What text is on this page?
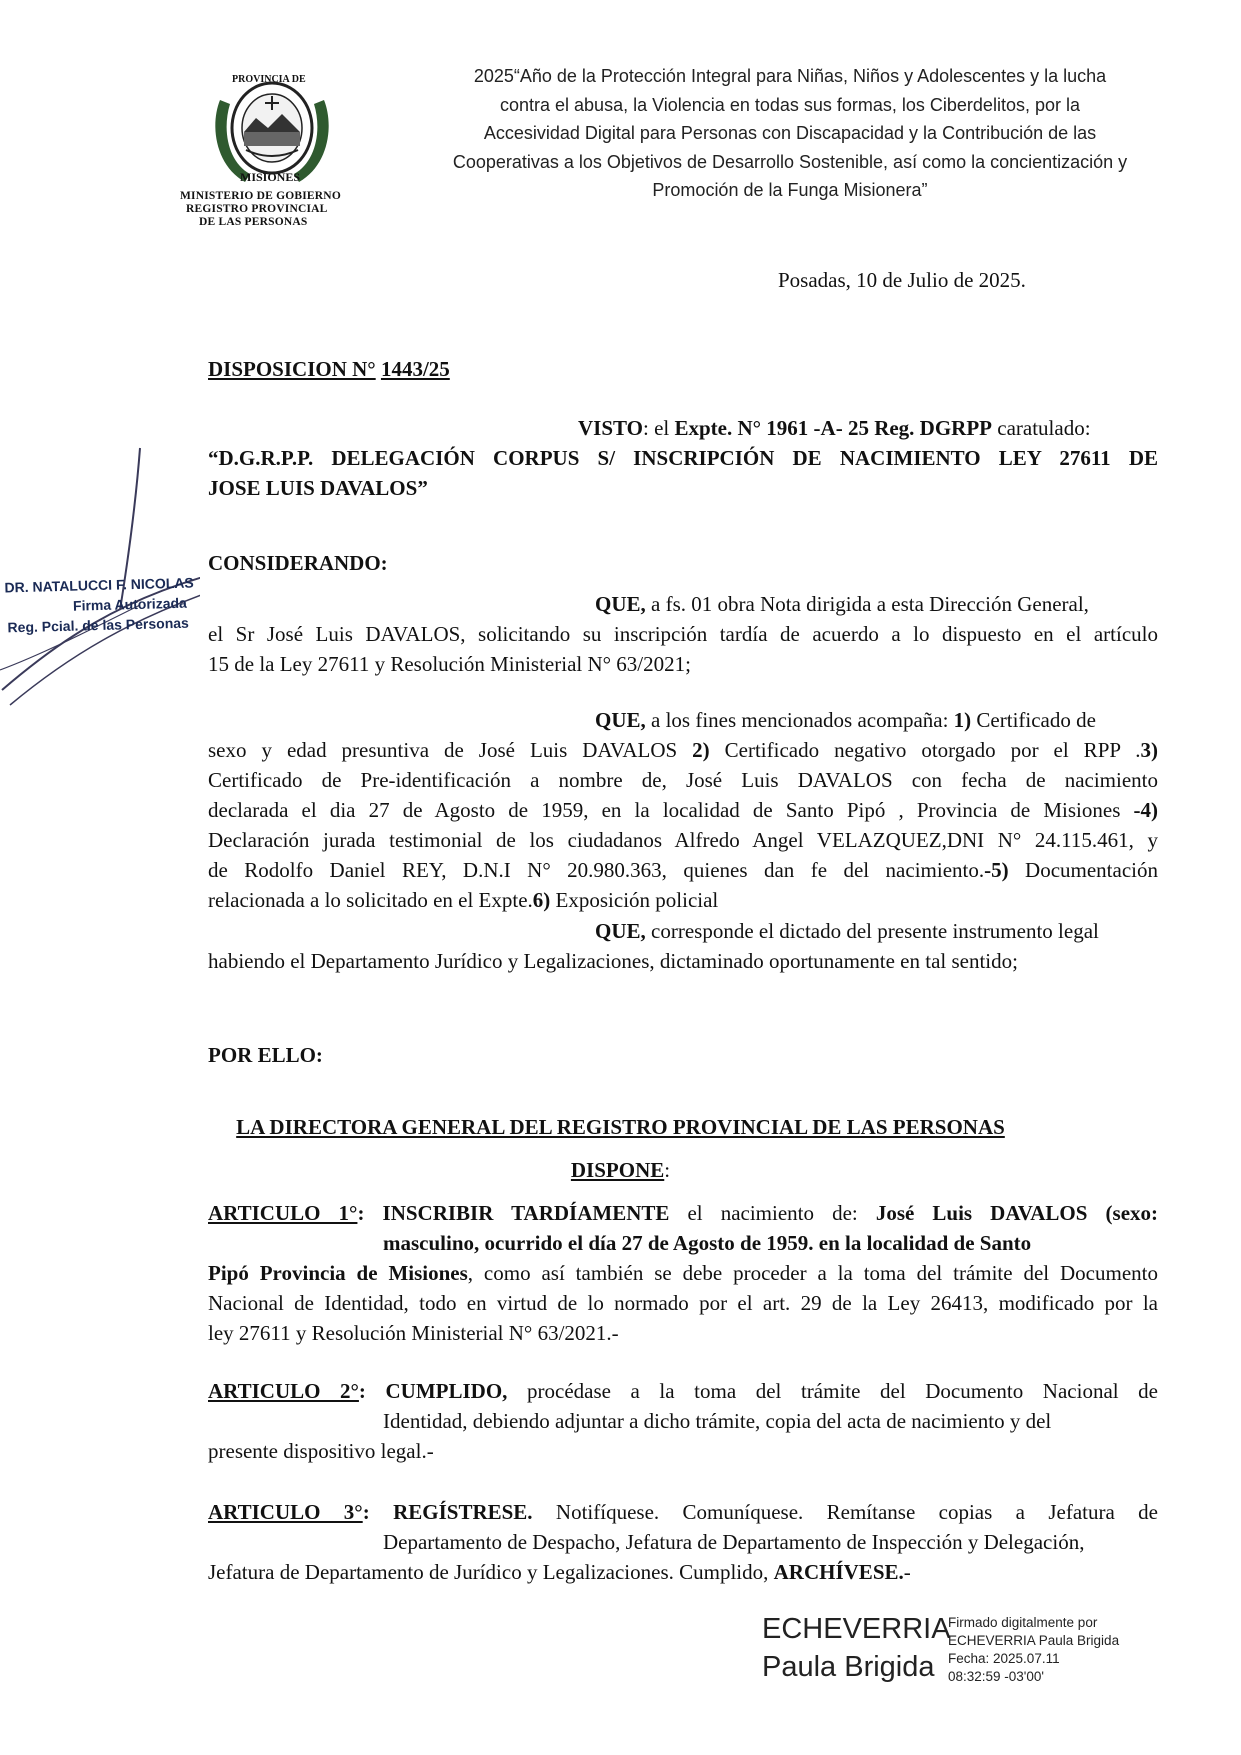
PROVINCIA DE
MISIONES
MINISTERIO DE GOBIERNO
REGISTRO PROVINCIAL
DE LAS PERSONAS
2025“Año de la Protección Integral para Niñas, Niños y Adolescentes y la lucha
contra el abusa, la Violencia en todas sus formas, los Ciberdelitos, por la
Accesividad Digital para Personas con Discapacidad y la Contribución de las
Cooperativas a los Objetivos de Desarrollo Sostenible, así como la concientización y
Promoción de la Funga Misionera”
Posadas, 10 de Julio de 2025.
DISPOSICION N° 1443/25
VISTO: el Expte. N° 1961 -A- 25 Reg. DGRPP caratulado:
“D.G.R.P.P. DELEGACIÓN CORPUS S/ INSCRIPCIÓN DE NACIMIENTO LEY 27611 DE
JOSE LUIS DAVALOS”
CONSIDERANDO:
QUE, a fs. 01 obra Nota dirigida a esta Dirección General,
el Sr José Luis DAVALOS, solicitando su inscripción tardía de acuerdo a lo dispuesto en el artículo
15 de la Ley 27611 y Resolución Ministerial N° 63/2021;
QUE, a los fines mencionados acompaña: 1) Certificado de
sexo y edad presuntiva de José Luis DAVALOS 2) Certificado negativo otorgado por el RPP .3)
Certificado de Pre-identificación a nombre de, José Luis DAVALOS con fecha de nacimiento
declarada el dia 27 de Agosto de 1959, en la localidad de Santo Pipó , Provincia de Misiones -4)
Declaración jurada testimonial de los ciudadanos Alfredo Angel VELAZQUEZ,DNI N° 24.115.461, y
de Rodolfo Daniel REY, D.N.I N° 20.980.363, quienes dan fe del nacimiento.-5) Documentación
relacionada a lo solicitado en el Expte.6) Exposición policial
QUE, corresponde el dictado del presente instrumento legal
habiendo el Departamento Jurídico y Legalizaciones, dictaminado oportunamente en tal sentido;
POR ELLO:
LA DIRECTORA GENERAL DEL REGISTRO PROVINCIAL DE LAS PERSONAS
DISPONE:
ARTICULO 1°: INSCRIBIR TARDÍAMENTE el nacimiento de: José Luis DAVALOS (sexo:
masculino, ocurrido el día 27 de Agosto de 1959. en la localidad de Santo
Pipó Provincia de Misiones, como así también se debe proceder a la toma del trámite del Documento
Nacional de Identidad, todo en virtud de lo normado por el art. 29 de la Ley 26413, modificado por la
ley 27611 y Resolución Ministerial N° 63/2021.-
ARTICULO 2°: CUMPLIDO, procédase a la toma del trámite del Documento Nacional de
Identidad, debiendo adjuntar a dicho trámite, copia del acta de nacimiento y del
presente dispositivo legal.-
ARTICULO 3°: REGÍSTRESE. Notifíquese. Comuníquese. Remítanse copias a Jefatura de
Departamento de Despacho, Jefatura de Departamento de Inspección y Delegación,
Jefatura de Departamento de Jurídico y Legalizaciones. Cumplido, ARCHÍVESE.-
DR. NATALUCCI F. NICOLAS
Firma Autorizada
Reg. Pcial. de las Personas
ECHEVERRIA
Paula Brigida
Firmado digitalmente por
ECHEVERRIA Paula Brigida
Fecha: 2025.07.11
08:32:59 -03'00'
